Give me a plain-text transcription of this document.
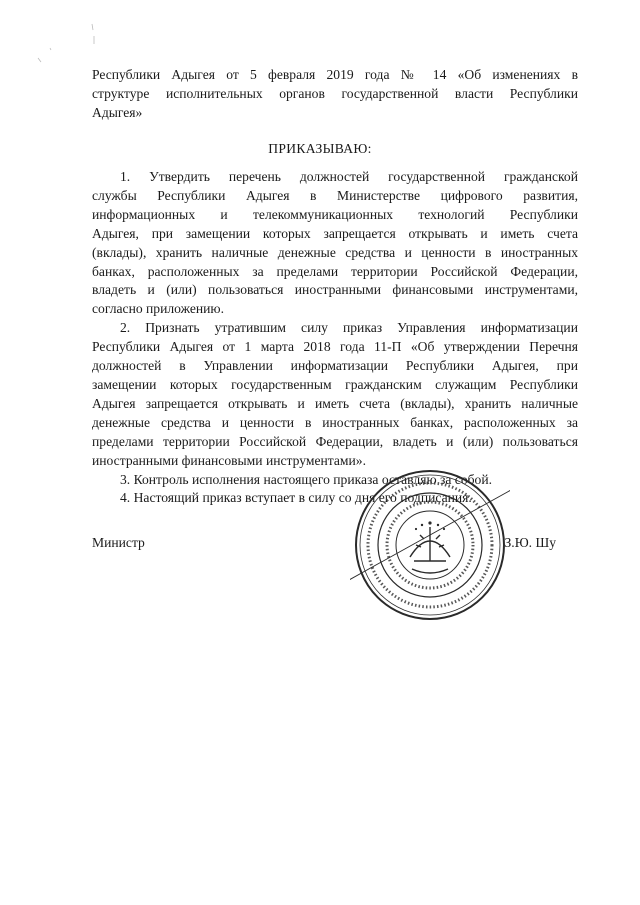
Республики Адыгея от 5 февраля 2019 года № 14 «Об изменениях в
структуре исполнительных органов государственной власти Республики
Адыгея»
ПРИКАЗЫВАЮ:
1. Утвердить перечень должностей государственной гражданской
службы Республики Адыгея в Министерстве цифрового развития,
информационных и телекоммуникационных технологий Республики
Адыгея, при замещении которых запрещается открывать и иметь счета
(вклады), хранить наличные денежные средства и ценности в иностранных
банках, расположенных за пределами территории Российской Федерации,
владеть и (или) пользоваться иностранными финансовыми инструментами,
согласно приложению.
2. Признать утратившим силу приказ Управления информатизации
Республики Адыгея от 1 марта 2018 года 11-П «Об утверждении Перечня
должностей в Управлении информатизации Республики Адыгея, при
замещении которых государственным гражданским служащим Республики
Адыгея запрещается открывать и иметь счета (вклады), хранить наличные
денежные средства и ценности в иностранных банках, расположенных за
пределами территории Российской Федерации, владеть и (или) пользоваться
иностранными финансовыми инструментами».
3. Контроль исполнения настоящего приказа оставляю за собой.
4. Настоящий приказ вступает в силу со дня его подписания.
Министр	З.Ю. Шу
